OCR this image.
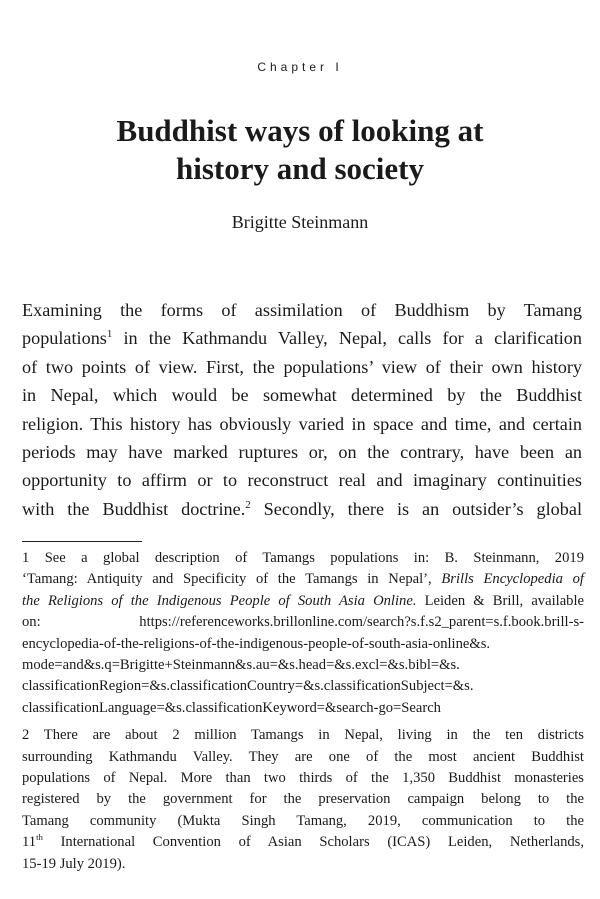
Chapter I
Buddhist ways of looking at
history and society
Brigitte Steinmann
Examining the forms of assimilation of Buddhism by Tamang
populations$^1$ in the Kathmandu Valley, Nepal, calls for a clarification
of two points of view. First, the populations’ view of their own history
in Nepal, which would be somewhat determined by the Buddhist
religion. This history has obviously varied in space and time, and certain
periods may have marked ruptures or, on the contrary, have been an
opportunity to affirm or to reconstruct real and imaginary continuities
with the Buddhist doctrine.$^2$ Secondly, there is an outsider’s global
1 See a global description of Tamangs populations in: B. Steinmann, 2019
‘Tamang: Antiquity and Specificity of the Tamangs in Nepal’, Brills Encyclopedia of
the Religions of the Indigenous People of South Asia Online. Leiden & Brill, available
on: https://referenceworks.brillonline.com/search?s.f.s2_parent=s.f.book.brill-s-
encyclopedia-of-the-religions-of-the-indigenous-people-of-south-asia-online&s.
mode=and&s.q=Brigitte+Steinmann&s.au=&s.head=&s.excl=&s.bibl=&s.
classificationRegion=&s.classificationCountry=&s.classificationSubject=&s.
classificationLanguage=&s.classificationKeyword=&search-go=Search
2 There are about 2 million Tamangs in Nepal, living in the ten districts
surrounding Kathmandu Valley. They are one of the most ancient Buddhist
populations of Nepal. More than two thirds of the 1,350 Buddhist monasteries
registered by the government for the preservation campaign belong to the
Tamang community (Mukta Singh Tamang, 2019, communication to the
11th International Convention of Asian Scholars (ICAS) Leiden, Netherlands,
15-19 July 2019).
